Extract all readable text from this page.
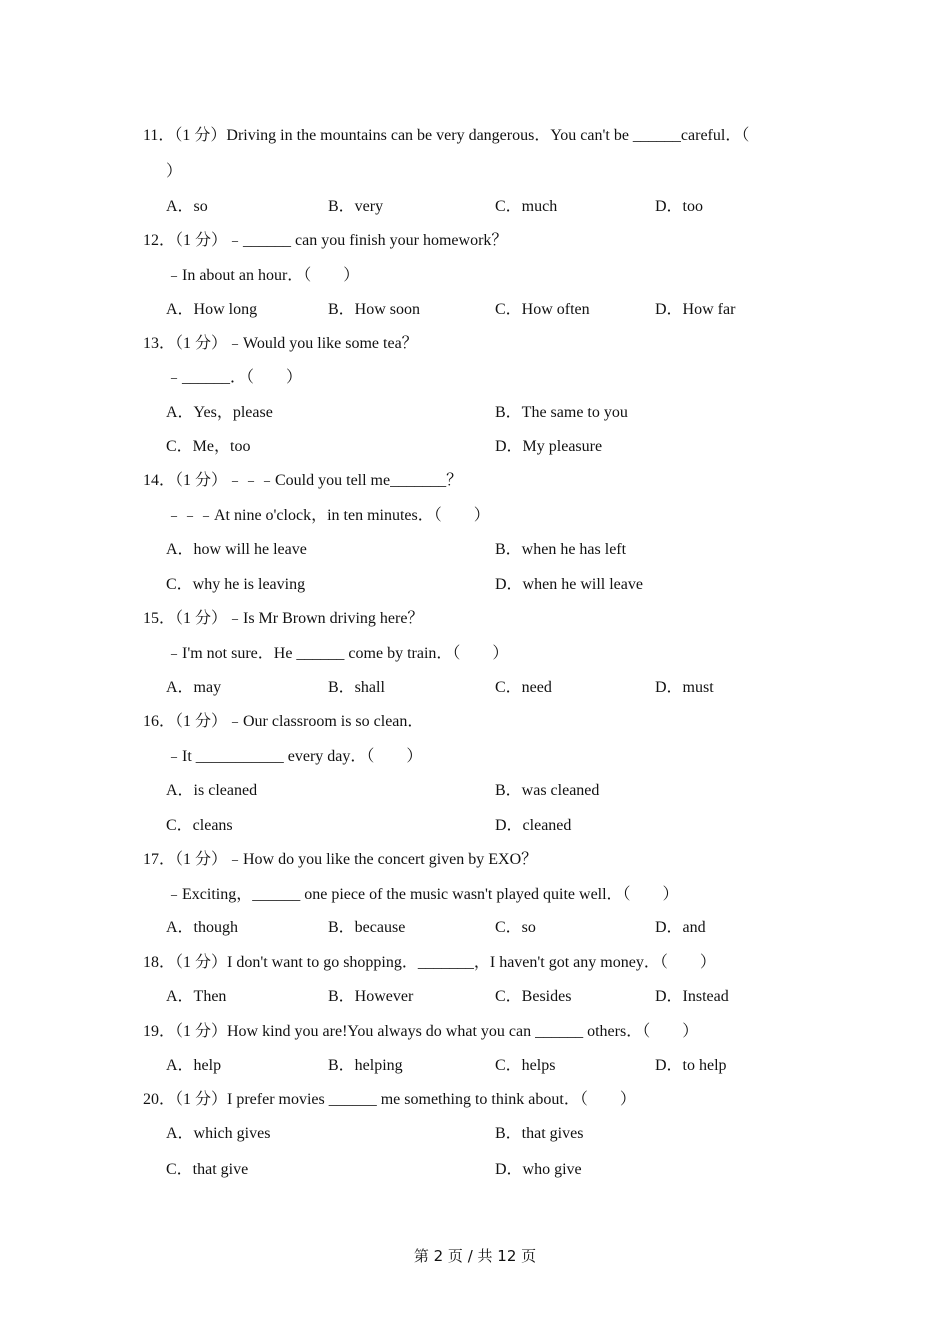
11．（1 分）Driving in the mountains can be very dangerous．You can't be ______careful．（
）
A．so	B．very	C．much	D．too
12．（1 分）﹣______ can you finish your homework？
﹣In about an hour．（　　）
A．How long	B．How soon	C．How often	D．How far
13．（1 分）﹣Would you like some tea？
﹣______．（　　）
A．Yes，please	B．The same to you
C．Me，too	D．My pleasure
14．（1 分）﹣﹣﹣Could you tell me_______？
﹣﹣﹣At nine o'clock，in ten minutes．（　　）
A．how will he leave	B．when he has left
C．why he is leaving	D．when he will leave
15．（1 分）﹣Is Mr Brown driving here？
﹣I'm not sure．He ______ come by train．（　　）
A．may	B．shall	C．need	D．must
16．（1 分）﹣Our classroom is so clean．
﹣It ___________ every day．（　　）
A．is cleaned	B．was cleaned
C．cleans	D．cleaned
17．（1 分）﹣How do you like the concert given by EXO？
﹣Exciting，______ one piece of the music wasn't played quite well．（　　）
A．though	B．because	C．so	D．and
18．（1 分）I don't want to go shopping．_______，I haven't got any money．（　　）
A．Then	B．However	C．Besides	D．Instead
19．（1 分）How kind you are!You always do what you can ______ others．（　　）
A．help	B．helping	C．helps	D．to help
20．（1 分）I prefer movies ______ me something to think about．（　　）
A．which gives	B．that gives
C．that give	D．who give
第 2 页 / 共 12 页
